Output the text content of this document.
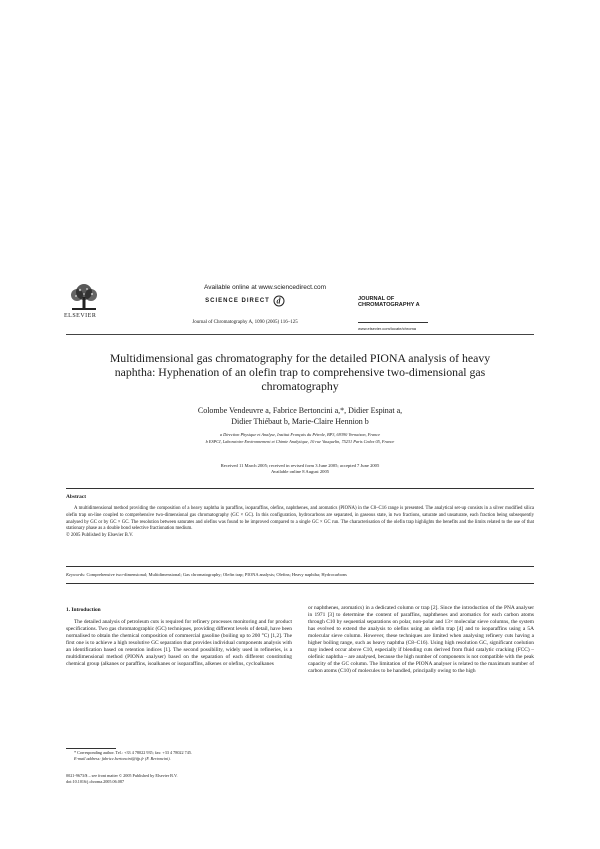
ELSEVIER
Available online at www.sciencedirect.com
SCIENCE DIRECT d
Journal of Chromatography A, 1090 (2005) 116–125
JOURNAL OF
CHROMATOGRAPHY A
www.elsevier.com/locate/chroma
Multidimensional gas chromatography for the detailed PIONA analysis of heavy naphtha: Hyphenation of an olefin trap to comprehensive two-dimensional gas chromatography
Colombe Vendeuvre a, Fabrice Bertoncini a,*, Didier Espinat a,
Didier Thiébaut b, Marie-Claire Hennion b
a Direction Physique et Analyse, Institut Français du Pétrole, BP3, 69390 Vernaison, France
b ESPCI, Laboratoire Environnement et Chimie Analytique, 10 rue Vauquelin, 75231 Paris Cedex 05, France
Received 11 March 2005; received in revised form 3 June 2005; accepted 7 June 2005
Available online 8 August 2005
Abstract
A multidimensional method providing the composition of a heavy naphtha in paraffins, isoparaffins, olefins, naphthenes, and aromatics (PIONA) in the C8–C16 range is presented. The analytical set-up consists in a silver modified silica olefin trap on-line coupled to comprehensive two-dimensional gas chromatography (GC × GC). In this configuration, hydrocarbons are separated, in gaseous state, in two fractions, saturate and unsaturate, each fraction being subsequently analysed by GC or by GC × GC. The resolution between saturates and olefins was found to be improved compared to a single GC × GC run. The characterisation of the olefin trap highlights the benefits and the limits related to the use of that stationary phase as a double bond selective fractionation medium.
© 2005 Published by Elsevier B.V.
Keywords: Comprehensive two-dimensional; Multidimensional; Gas chromatography; Olefin trap; PIONA analysis; Olefins; Heavy naphtha; Hydrocarbons
1. Introduction
The detailed analysis of petroleum cuts is required for refinery processes monitoring and for product specifications. Two gas chromatographic (GC) techniques, providing different levels of detail, have been normalised to obtain the chemical composition of commercial gasoline (boiling up to 200 °C) [1,2]. The first one is to achieve a high resolutive GC separation that provides individual components analysis with an identification based on retention indices [1]. The second possibility, widely used in refineries, is a multidimensional method (PIONA analyser) based on the separation of each different constituting chemical group (alkanes or paraffins, isoalkanes or isoparaffins, alkenes or olefins, cycloalkanes
or naphthenes, aromatics) in a dedicated column or trap [2]. Since the introduction of the PNA analyser in 1971 [3] to determine the content of paraffins, naphthenes and aromatics for each carbon atoms through C10 by sequential separations on polar, non-polar and 13× molecular sieve columns, the system has evolved to extend the analysis to olefins using an olefin trap [4] and to isoparaffins using a 5A molecular sieve column. However, these techniques are limited when analysing refinery cuts having a higher boiling range, such as heavy naphtha (C8–C16). Using high resolution GC, significant coelution may indeed occur above C10, especially if blending cuts derived from fluid catalytic cracking (FCC) – olefinic naphtha – are analysed, because the high number of components is not compatible with the peak capacity of the GC column. The limitation of the PIONA analyser is related to the maximum number of carbon atoms (C10) of molecules to be handled, principally owing to the high
* Corresponding author. Tel.: +33 4 78022 935; fax: +33 4 78022 745.
E-mail address: fabrice.bertoncini@ifp.fr (F. Bertoncini).
0021-9673/$ – see front matter © 2005 Published by Elsevier B.V.
doi:10.1016/j.chroma.2005.06.087
